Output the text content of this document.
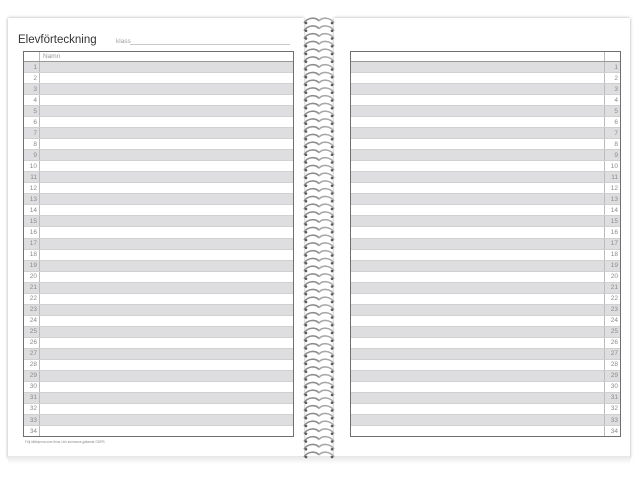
Elevförteckning	klass
Namn
1
2
3
4
5
6
7
8
9
10
11
12
13
14
15
16
17
18
19
20
21
22
23
24
25
26
27
28
29
30
31
32
33
34
1
2
3
4
5
6
7
8
9
10
11
12
13
14
15
16
17
18
19
20
21
22
23
24
25
26
27
28
29
30
31
32
33
34
Följ riktlinjerna som finns i din kommuns gällande GDPR.
